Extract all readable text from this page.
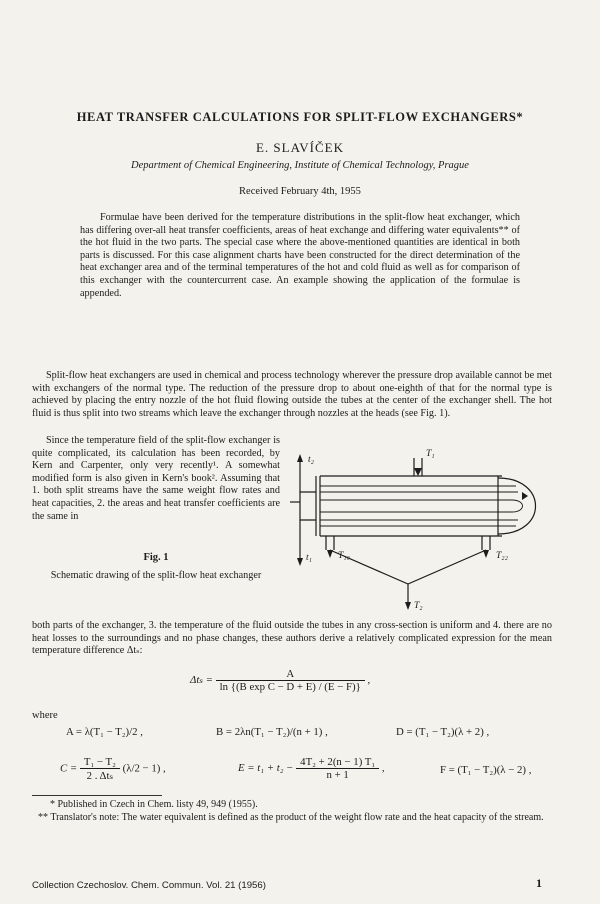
HEAT TRANSFER CALCULATIONS FOR SPLIT-FLOW EXCHANGERS*
E. SLAVÍČEK
Department of Chemical Engineering, Institute of Chemical Technology, Prague
Received February 4th, 1955

Formulae have been derived for the temperature distributions in the split-flow heat exchanger, which has differing over-all heat transfer coefficients, areas of heat exchange and differing water equivalents** of the hot fluid in the two parts. The special case where the above-mentioned quantities are identical in both parts is discussed. For this case alignment charts have been constructed for the direct determination of the heat exchanger area and of the terminal temperatures of the hot and cold fluid as well as for comparison of this exchanger with the countercurrent case. An example showing the application of the formulae is appended.

Split-flow heat exchangers are used in chemical and process technology wherever the pressure drop available cannot be met with exchangers of the normal type. The reduction of the pressure drop to about one-eighth of that for the normal type is achieved by placing the entry nozzle of the hot fluid flowing outside the tubes at the center of the exchanger shell. The hot fluid is thus split into two streams which leave the exchanger through nozzles at the heads (see Fig. 1).

Since the temperature field of the split-flow exchanger is quite complicated, its calculation has been recorded, by Kern and Carpenter, only very recently¹. A somewhat modified form is also given in Kern's book². Assuming that 1. both split streams have the same weight flow rates and heat capacities, 2. the areas and heat transfer coefficients are the same in

Fig. 1
Schematic drawing of the split-flow heat exchanger
t₂
T₁
t₁	T₁₀	T₂₂
T₂

both parts of the exchanger, 3. the temperature of the fluid outside the tubes in any cross-section is uniform and 4. there are no heat losses to the surroundings and no phase changes, these authors derive a relatively complicated expression for the mean temperature difference Δtₛ:

$\Delta t_s = \frac{A}{\text{ln \{(B exp C − D + E) / (E − F)\}}}$ ,
where
A = λ(T₁ − T₂)/2 ,	B = 2λn(T₁ − T₂)/(n + 1) ,	D = (T₁ − T₂)(λ + 2) ,
$C = \frac{\text{T₁ − T₂}}{\text{2 . Δtₛ}} (\lambda/2 - 1)$ ,	$E = t_1 + t_2 - \frac{\text{4T₂ + 2(n − 1) T₁}}{n + 1}$ ,	F = (T₁ − T₂)(λ − 2) ,
* Published in Czech in Chem. listy 49, 949 (1955).
** Translator's note: The water equivalent is defined as the product of the weight flow rate and the heat capacity of the stream.
Collection Czechoslov. Chem. Commun. Vol. 21 (1956)	1
